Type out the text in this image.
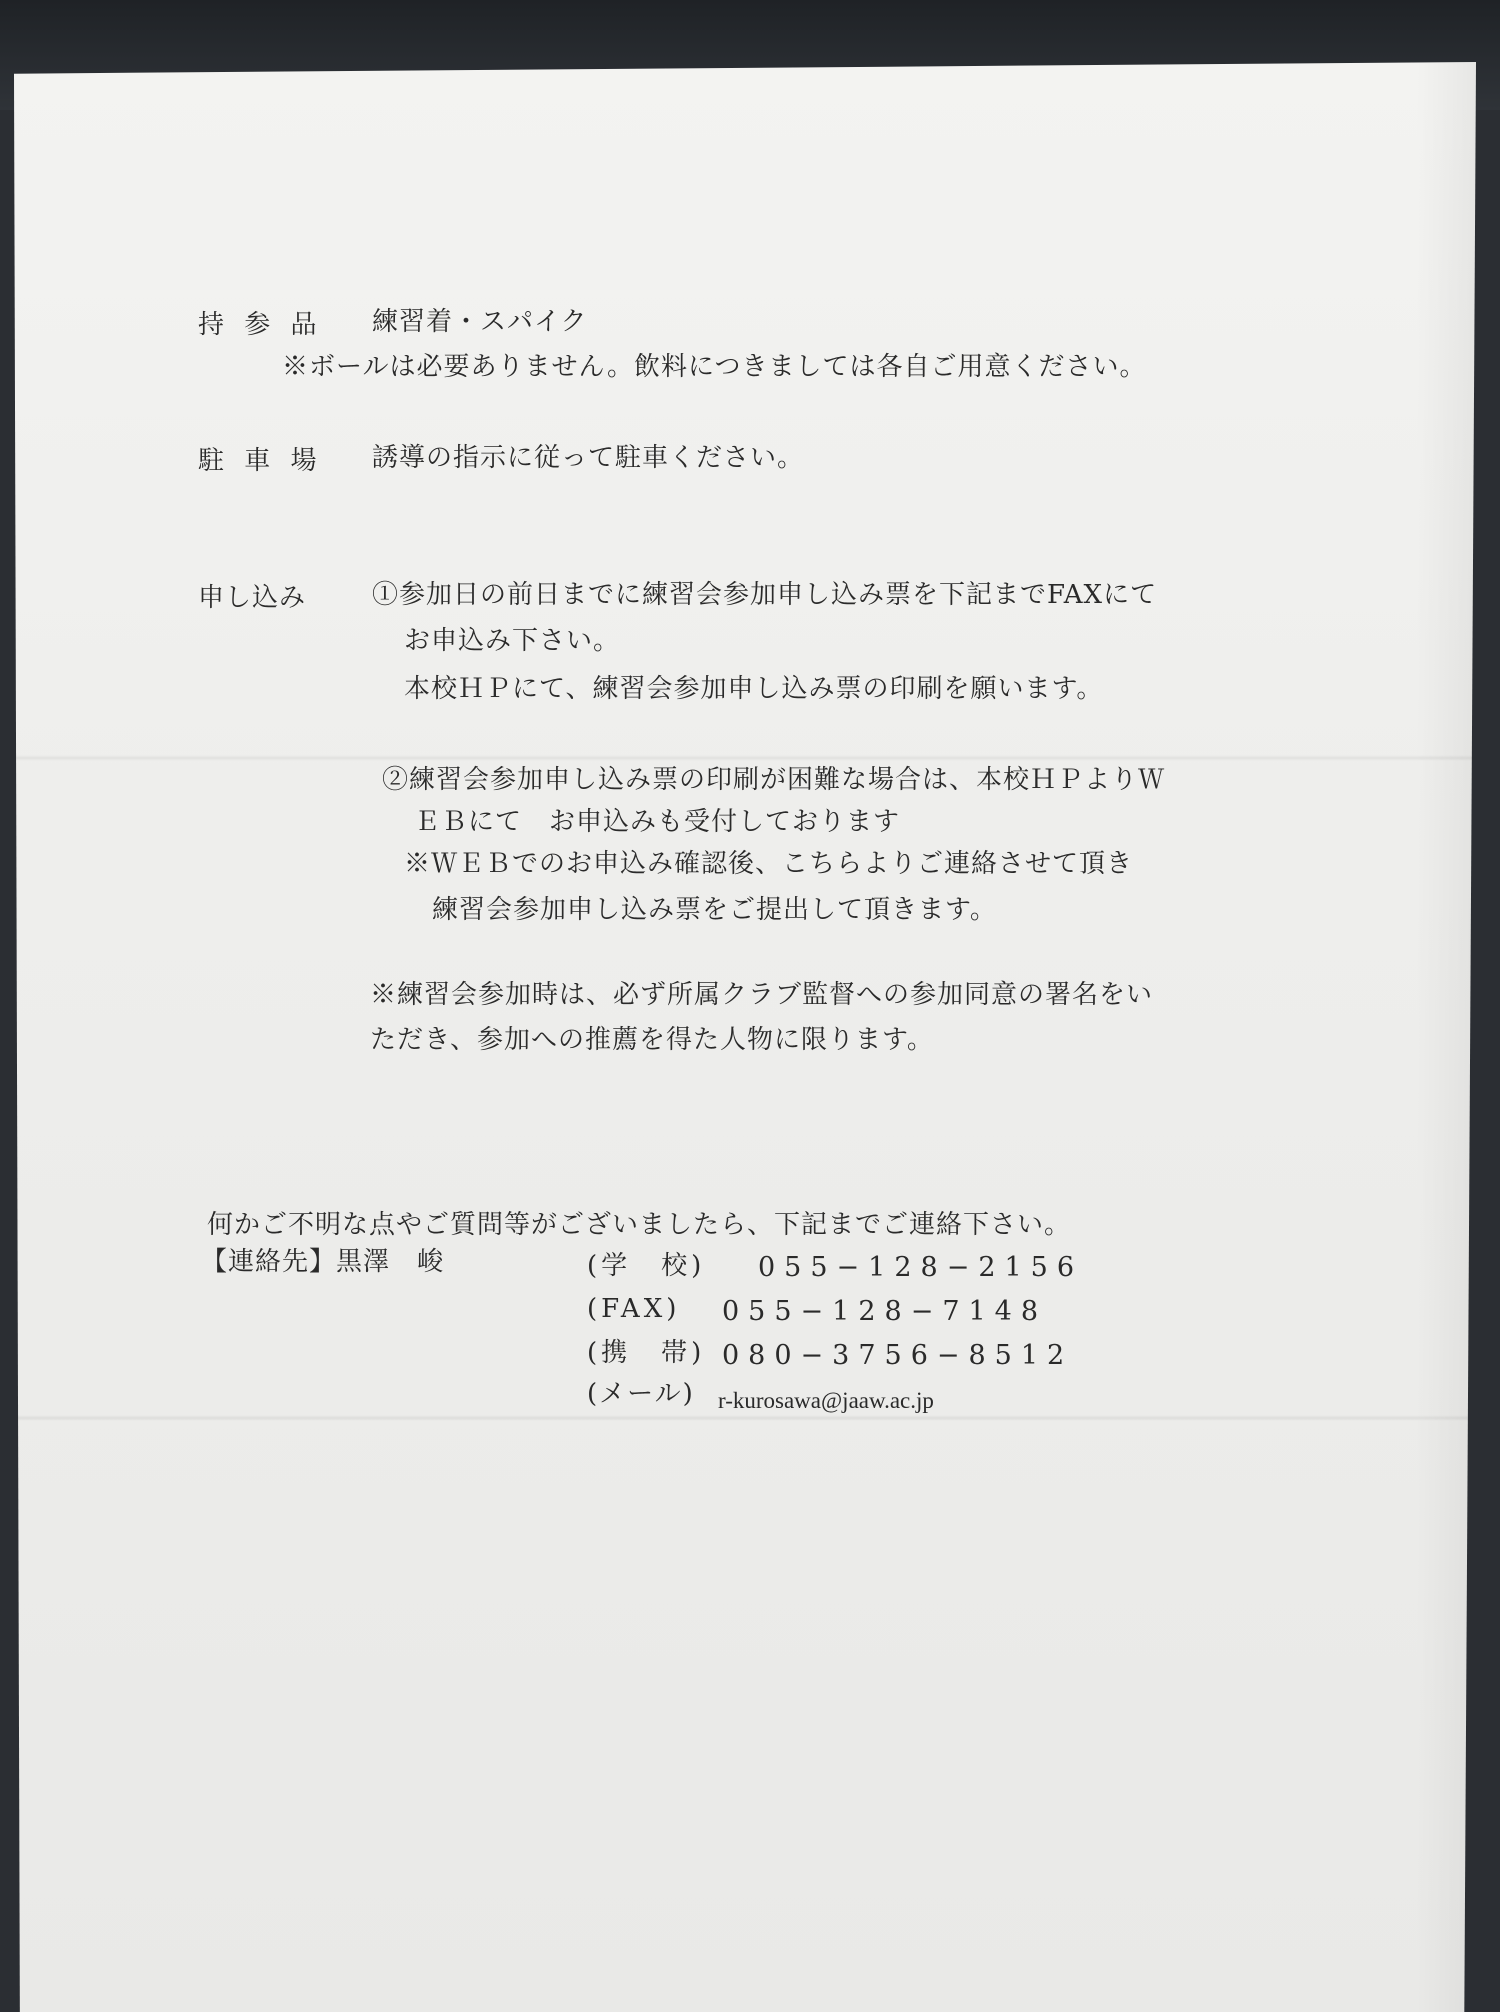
持 参 品 練習着・スパイク
※ボールは必要ありません。飲料につきましては各自ご用意ください。
駐 車 場 誘導の指示に従って駐車ください。
申し込み	①参加日の前日までに練習会参加申し込み票を下記までFAXにて
お申込み下さい。
本校ＨＰにて、練習会参加申し込み票の印刷を願います。
②練習会参加申し込み票の印刷が困難な場合は、本校ＨＰよりＷ
ＥＢにて　お申込みも受付しております
※ＷＥＢでのお申込み確認後、こちらよりご連絡させて頂き
練習会参加申し込み票をご提出して頂きます。
※練習会参加時は、必ず所属クラブ監督への参加同意の署名をい
ただき、参加への推薦を得た人物に限ります。
何かご不明な点やご質問等がございましたら、下記までご連絡下さい。
【連絡先】黒澤　峻	(学　校) 055−128−2156
(FAX) 055−128−7148
(携　帯) 080−3756−8512
(メール) r-kurosawa@jaaw.ac.jp
